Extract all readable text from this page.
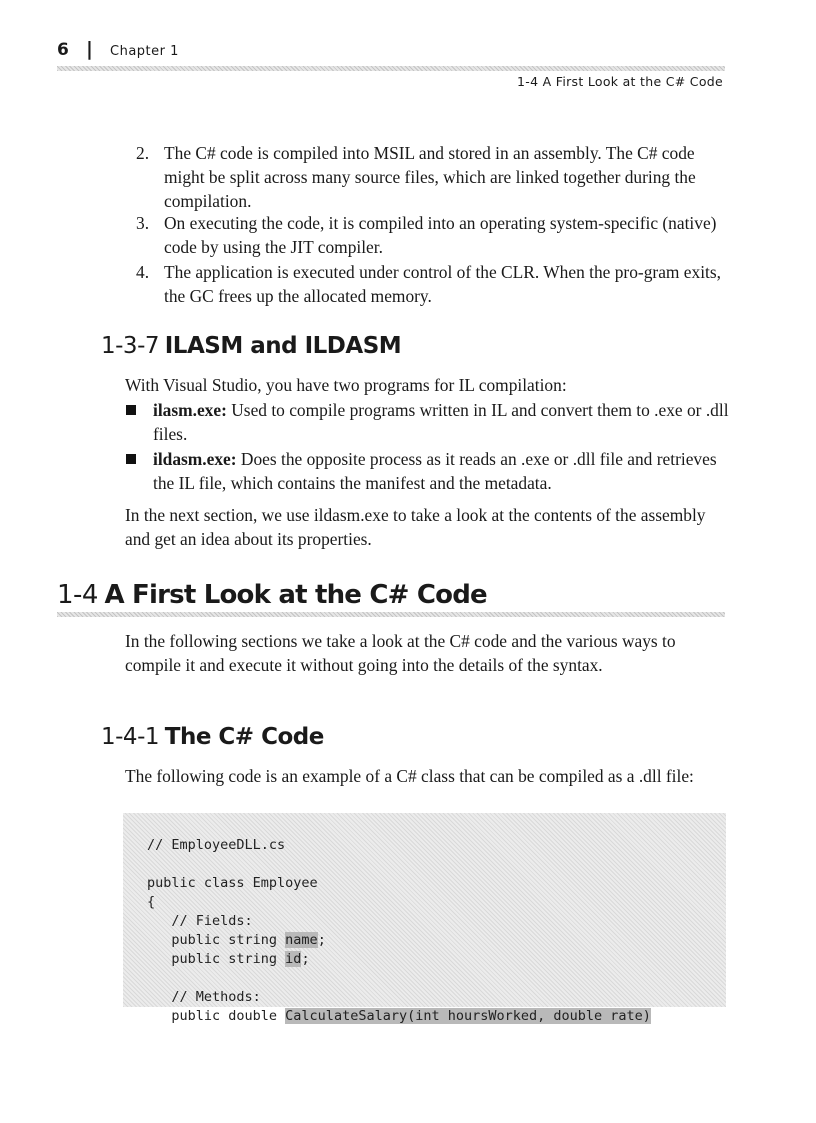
6 | Chapter 1
1-4 A First Look at the C# Code
2. The C# code is compiled into MSIL and stored in an assembly. The C# code might be split across many source files, which are linked together during the compilation.
3. On executing the code, it is compiled into an operating system-specific (native) code by using the JIT compiler.
4. The application is executed under control of the CLR. When the pro-gram exits, the GC frees up the allocated memory.
1-3-7 ILASM and ILDASM
With Visual Studio, you have two programs for IL compilation:
ilasm.exe: Used to compile programs written in IL and convert them to .exe or .dll files.
ildasm.exe: Does the opposite process as it reads an .exe or .dll file and retrieves the IL file, which contains the manifest and the metadata.
In the next section, we use ildasm.exe to take a look at the contents of the assembly and get an idea about its properties.
1-4 A First Look at the C# Code
In the following sections we take a look at the C# code and the various ways to compile it and execute it without going into the details of the syntax.
1-4-1 The C# Code
The following code is an example of a C# class that can be compiled as a .dll file:

// EmployeeDLL.cs
public class Employee
{
// Fields:
public string name;
public string id;
// Methods:
public double CalculateSalary(int hoursWorked, double rate)
